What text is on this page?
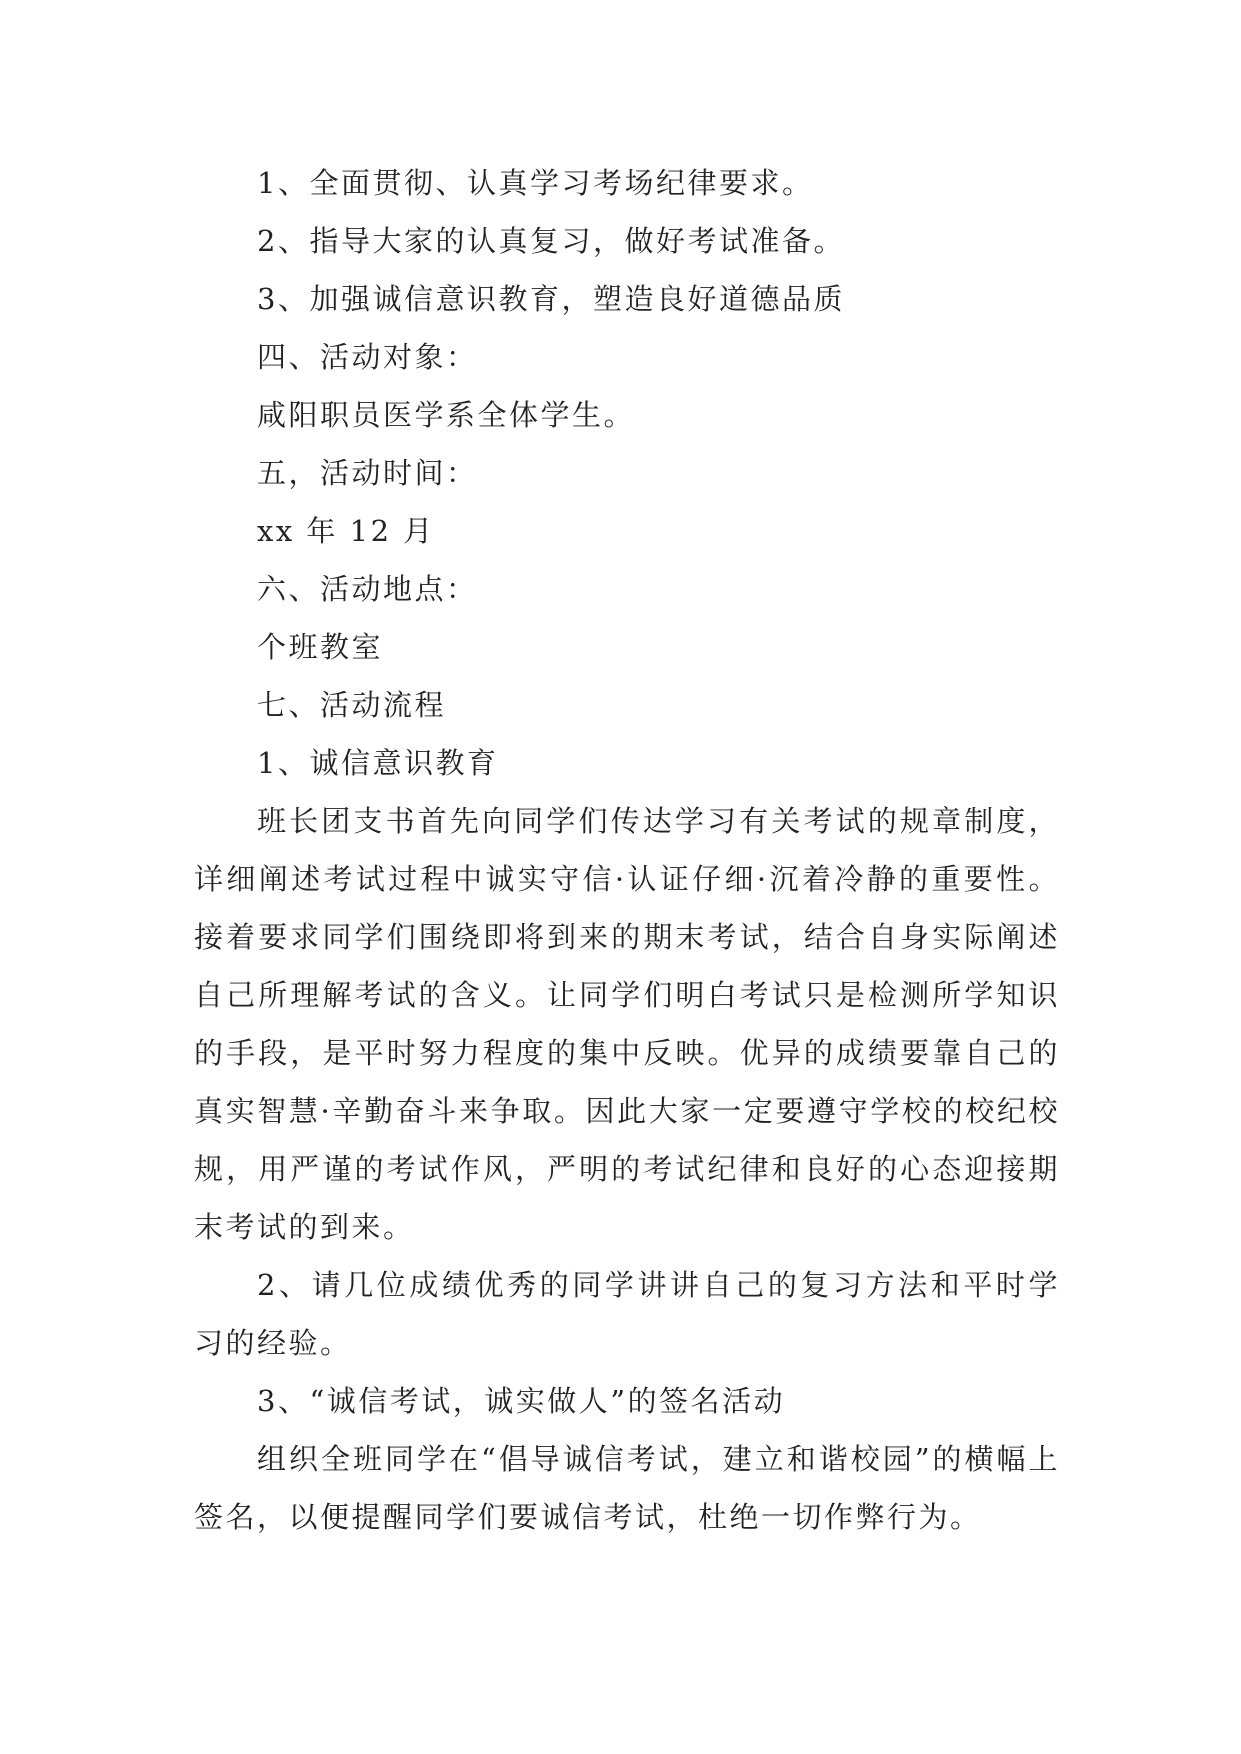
1、全面贯彻、认真学习考场纪律要求。
2、指导大家的认真复习，做好考试准备。
3、加强诚信意识教育，塑造良好道德品质
四、活动对象：
咸阳职员医学系全体学生。
五，活动时间：
xx 年 12 月
六、活动地点：
个班教室
七、活动流程
1、诚信意识教育
班长团支书首先向同学们传达学习有关考试的规章制度，详细阐述考试过程中诚实守信·认证仔细·沉着冷静的重要性。接着要求同学们围绕即将到来的期末考试，结合自身实际阐述自己所理解考试的含义。让同学们明白考试只是检测所学知识的手段，是平时努力程度的集中反映。优异的成绩要靠自己的真实智慧·辛勤奋斗来争取。因此大家一定要遵守学校的校纪校规，用严谨的考试作风，严明的考试纪律和良好的心态迎接期末考试的到来。
2、请几位成绩优秀的同学讲讲自己的复习方法和平时学习的经验。
3、“诚信考试，诚实做人”的签名活动
组织全班同学在“倡导诚信考试，建立和谐校园”的横幅上签名，以便提醒同学们要诚信考试，杜绝一切作弊行为。
